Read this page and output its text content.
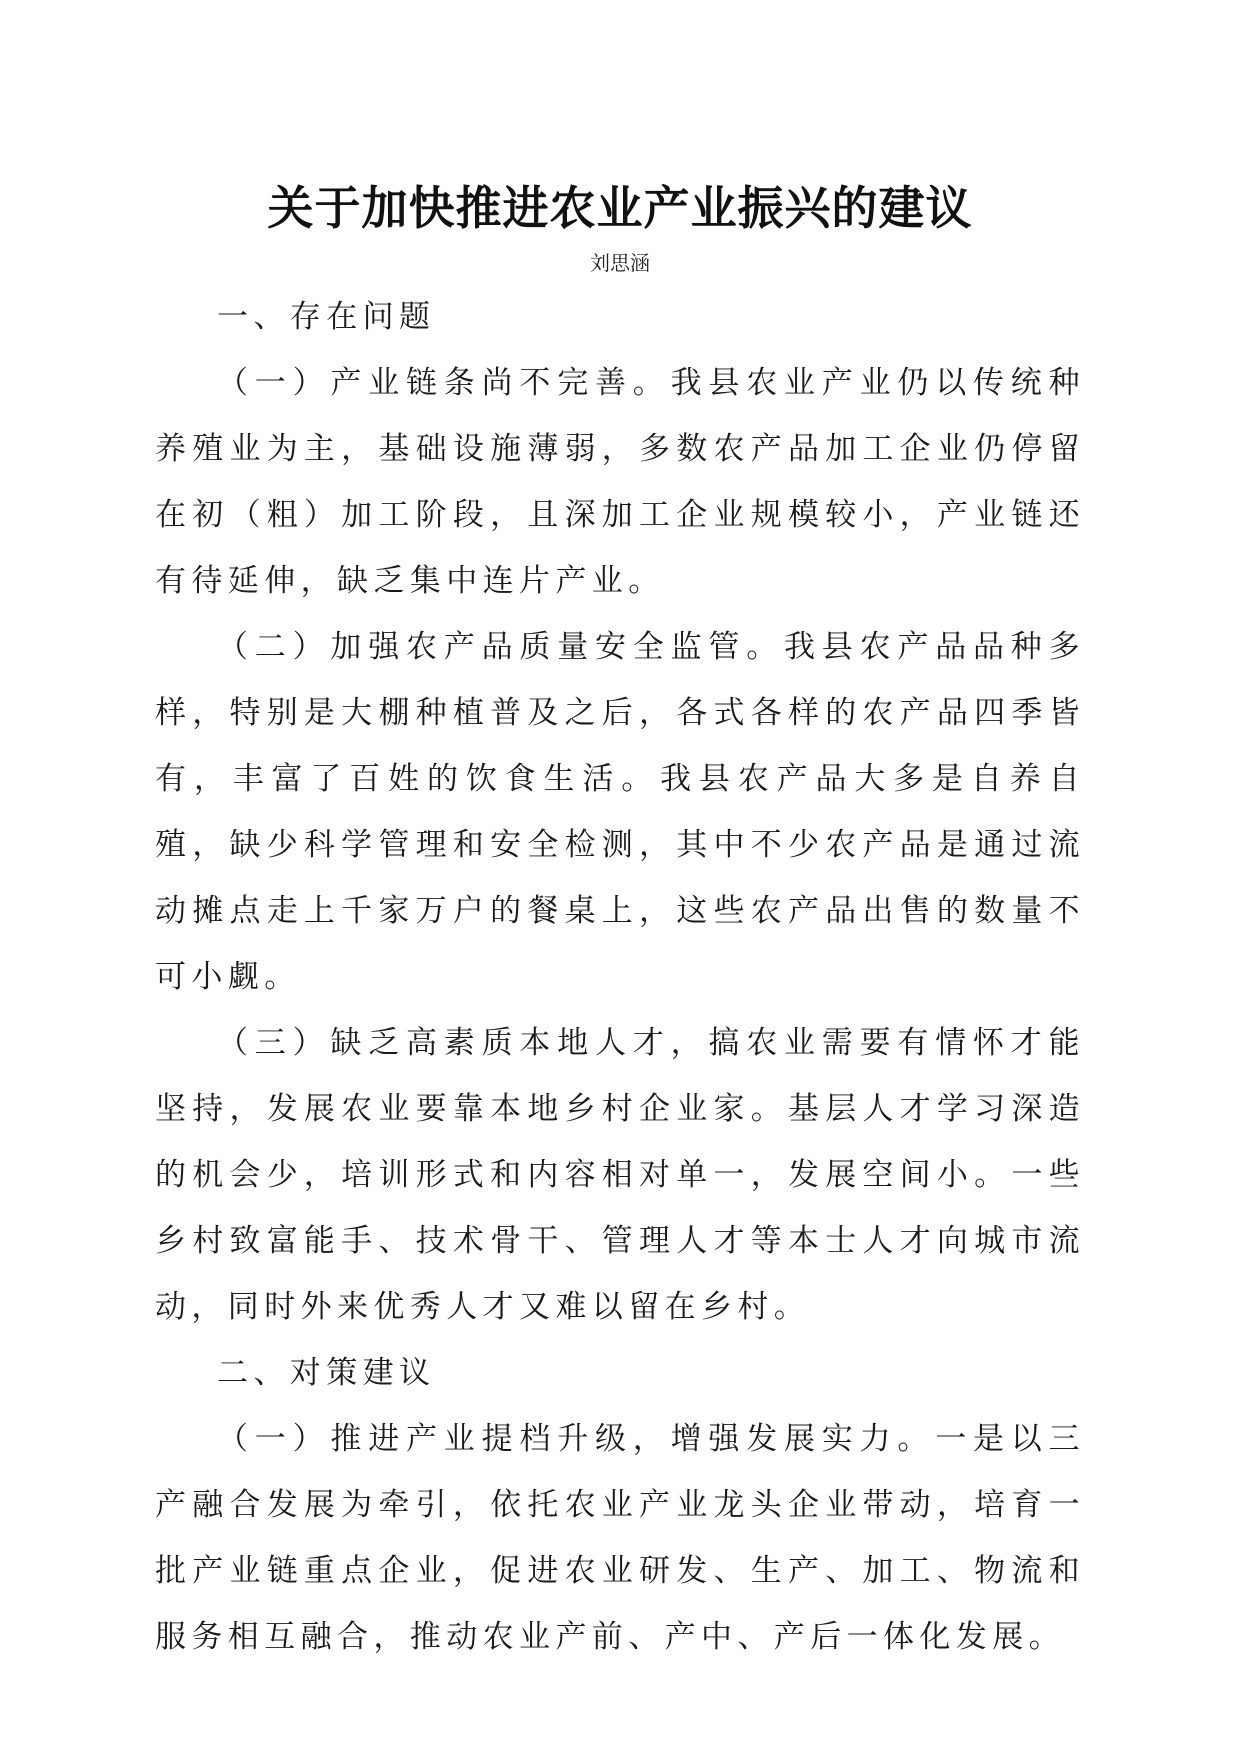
关于加快推进农业产业振兴的建议
刘思涵

一、存在问题

（一）产业链条尚不完善。我县农业产业仍以传统种养殖业为主，基础设施薄弱，多数农产品加工企业仍停留在初（粗）加工阶段，且深加工企业规模较小，产业链还有待延伸，缺乏集中连片产业。

（二）加强农产品质量安全监管。我县农产品品种多样，特别是大棚种植普及之后，各式各样的农产品四季皆有，丰富了百姓的饮食生活。我县农产品大多是自养自殖，缺少科学管理和安全检测，其中不少农产品是通过流动摊点走上千家万户的餐桌上，这些农产品出售的数量不可小觑。

（三）缺乏高素质本地人才，搞农业需要有情怀才能坚持，发展农业要靠本地乡村企业家。基层人才学习深造的机会少，培训形式和内容相对单一，发展空间小。一些乡村致富能手、技术骨干、管理人才等本士人才向城市流动，同时外来优秀人才又难以留在乡村。

二、对策建议

（一）推进产业提档升级，增强发展实力。一是以三产融合发展为牵引，依托农业产业龙头企业带动，培育一批产业链重点企业，促进农业研发、生产、加工、物流和服务相互融合，推动农业产前、产中、产后一体化发展。
